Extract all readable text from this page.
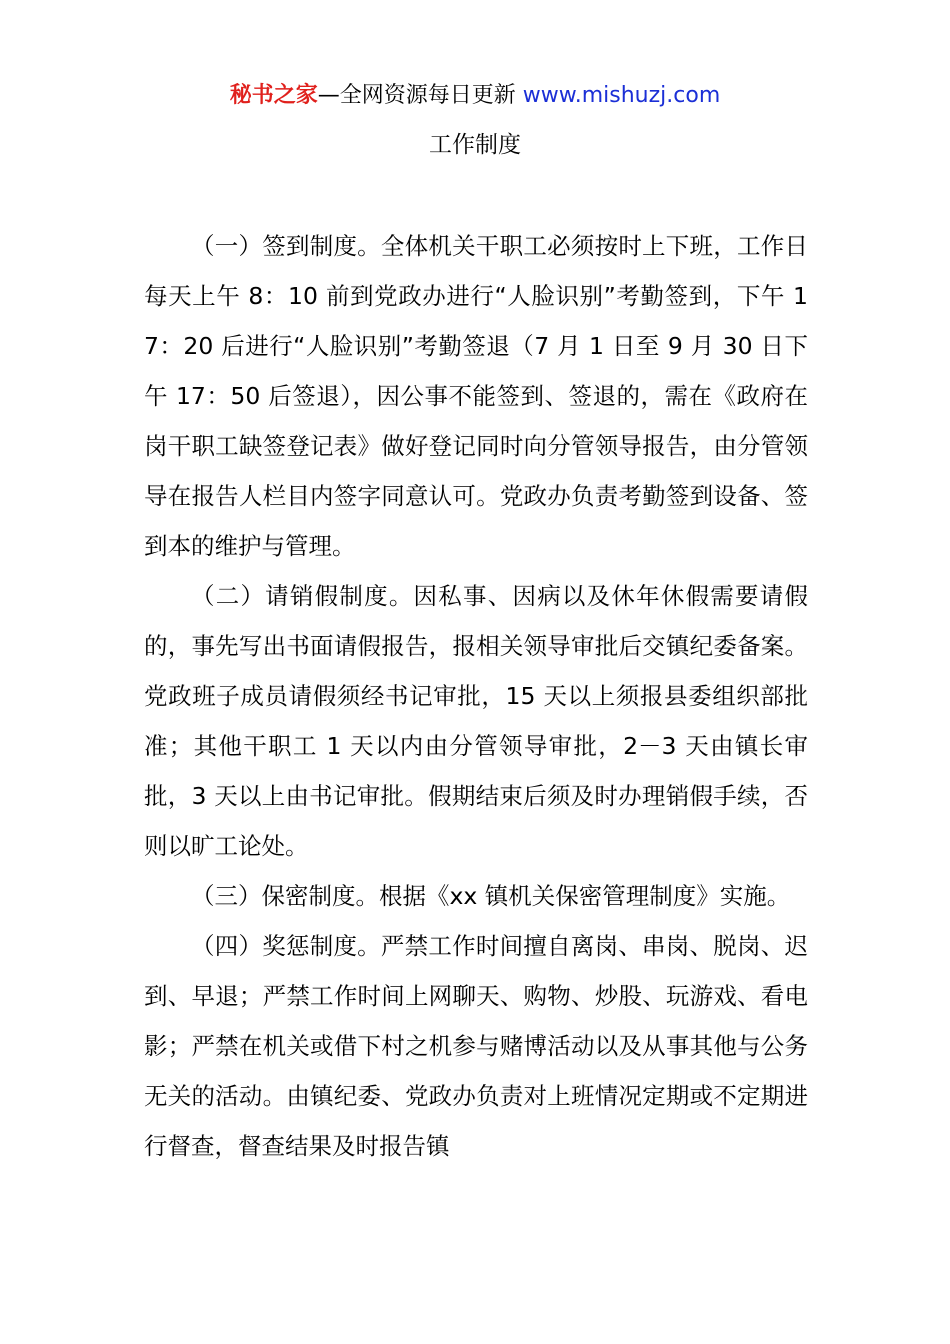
秘书之家—全网资源每日更新 www.mishuzj.com
工作制度

（一）签到制度。全体机关干职工必须按时上下班，工作日每天上午 8：10 前到党政办进行“人脸识别”考勤签到，下午 17：20 后进行“人脸识别”考勤签退（7 月 1 日至 9 月 30 日下午 17：50 后签退），因公事不能签到、签退的，需在《政府在岗干职工缺签登记表》做好登记同时向分管领导报告，由分管领导在报告人栏目内签字同意认可。党政办负责考勤签到设备、签到本的维护与管理。

（二）请销假制度。因私事、因病以及休年休假需要请假的，事先写出书面请假报告，报相关领导审批后交镇纪委备案。党政班子成员请假须经书记审批，15 天以上须报县委组织部批准；其他干职工 1 天以内由分管领导审批，2－3 天由镇长审批，3 天以上由书记审批。假期结束后须及时办理销假手续，否则以旷工论处。

（三）保密制度。根据《xx 镇机关保密管理制度》实施。

（四）奖惩制度。严禁工作时间擅自离岗、串岗、脱岗、迟到、早退；严禁工作时间上网聊天、购物、炒股、玩游戏、看电影；严禁在机关或借下村之机参与赌博活动以及从事其他与公务无关的活动。由镇纪委、党政办负责对上班情况定期或不定期进行督查，督查结果及时报告镇
